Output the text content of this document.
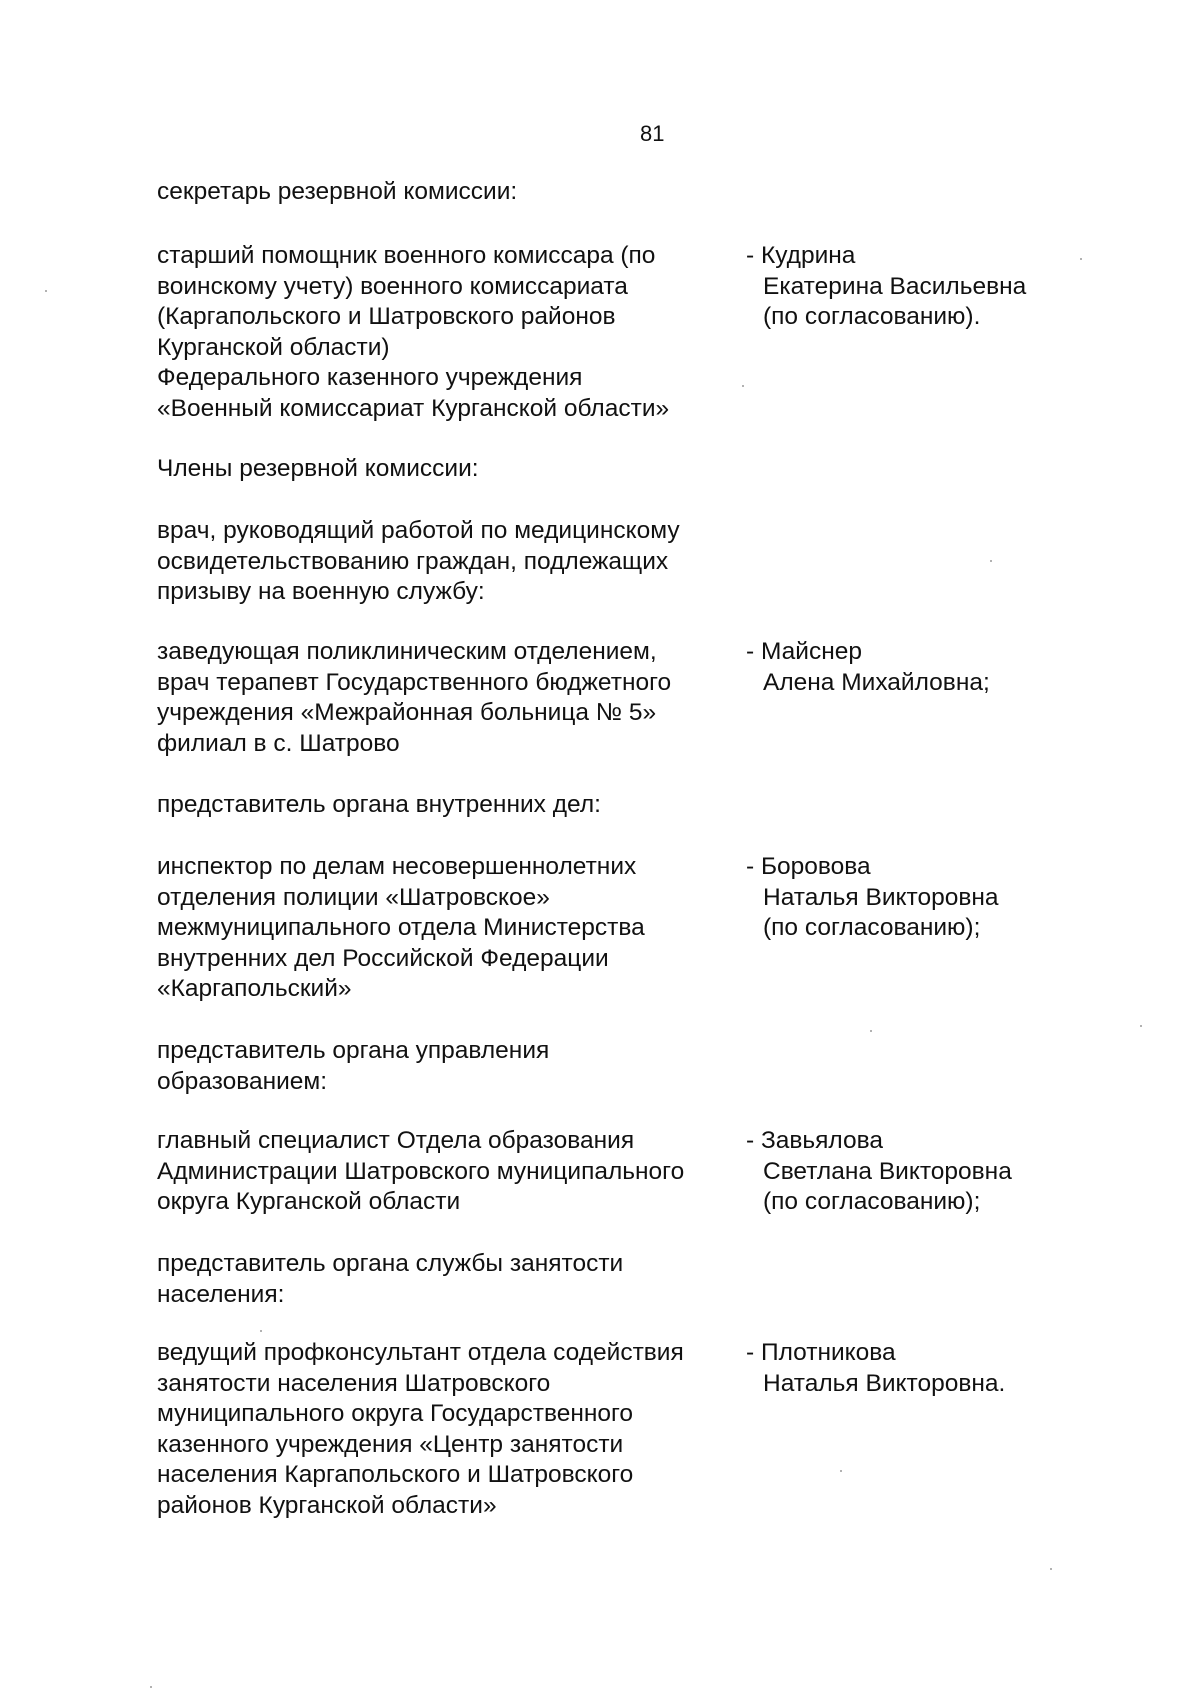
81
секретарь резервной комиссии:
старший помощник военного комиссара (по
воинскому учету) военного комиссариата
(Каргапольского и Шатровского районов
Курганской области)
Федерального казенного учреждения
«Военный комиссариат Курганской области»
- Кудрина
Екатерина Васильевна
(по согласованию).
Члены резервной комиссии:
врач, руководящий работой по медицинскому
освидетельствованию граждан, подлежащих
призыву на военную службу:
заведующая поликлиническим отделением,
врач терапевт Государственного бюджетного
учреждения «Межрайонная больница № 5»
филиал в с. Шатрово
- Майснер
Алена Михайловна;
представитель органа внутренних дел:
инспектор по делам несовершеннолетних
отделения полиции «Шатровское»
межмуниципального отдела Министерства
внутренних дел Российской Федерации
«Каргапольский»
- Боровова
Наталья Викторовна
(по согласованию);
представитель органа управления
образованием:
главный специалист Отдела образования
Администрации Шатровского муниципального
округа Курганской области
- Завьялова
Светлана Викторовна
(по согласованию);
представитель органа службы занятости
населения:
ведущий профконсультант отдела содействия
занятости населения Шатровского
муниципального округа Государственного
казенного учреждения «Центр занятости
населения Каргапольского и Шатровского
районов Курганской области»
- Плотникова
Наталья Викторовна.
